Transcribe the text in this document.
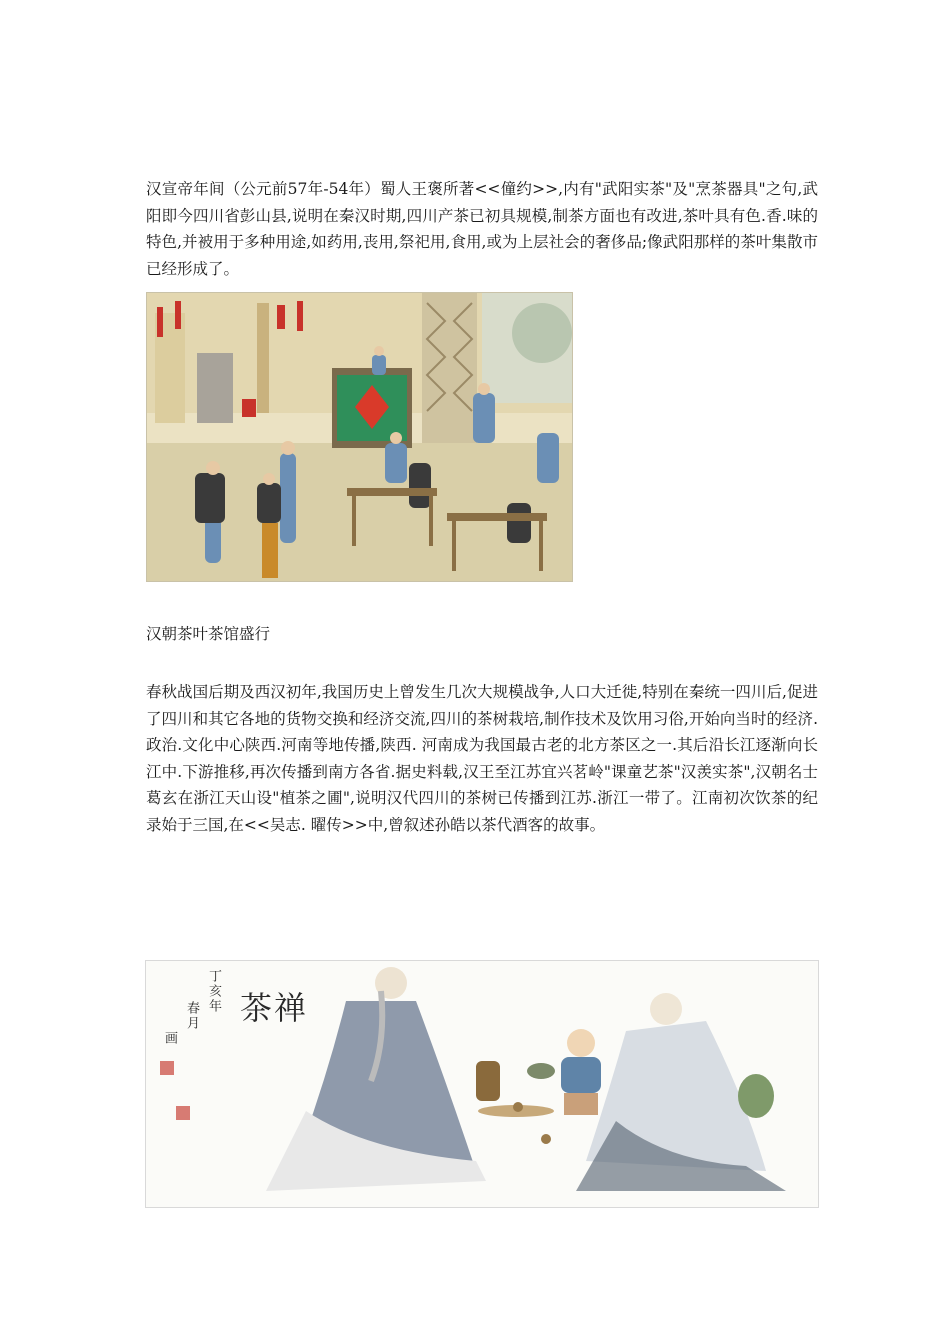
汉宣帝年间（公元前57年-54年）蜀人王褒所著<<僮约>>,内有"武阳实茶"及"烹茶器具"之句,武阳即今四川省彭山县,说明在秦汉时期,四川产茶已初具规模,制茶方面也有改进,茶叶具有色.香.味的特色,并被用于多种用途,如药用,丧用,祭祀用,食用,或为上层社会的奢侈品;像武阳那样的茶叶集散市已经形成了。

汉朝茶叶茶馆盛行

春秋战国后期及西汉初年,我国历史上曾发生几次大规模战争,人口大迁徙,特别在秦统一四川后,促进了四川和其它各地的货物交换和经济交流,四川的茶树栽培,制作技术及饮用习俗,开始向当时的经济.政治.文化中心陕西.河南等地传播,陕西. 河南成为我国最古老的北方茶区之一.其后沿长江逐渐向长江中.下游推移,再次传播到南方各省.据史料载,汉王至江苏宜兴茗岭"课童艺茶"汉羡实茶",汉朝名士葛玄在浙江天山设"植茶之圃",说明汉代四川的茶树已传播到江苏.浙江一带了。江南初次饮茶的纪录始于三国,在<<吴志. 曜传>>中,曾叙述孙皓以茶代酒客的故事。

茶禅
丁亥年
春月
画
